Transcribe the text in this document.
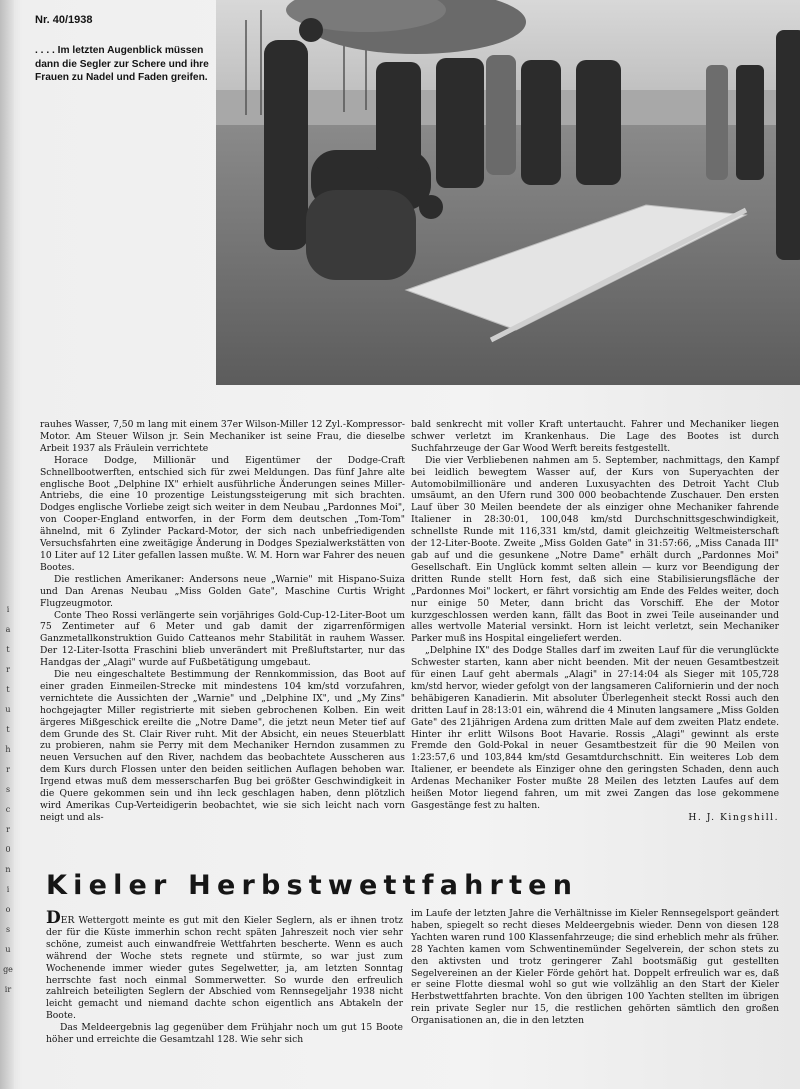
Nr. 40/1938
. . . . Im letzten Augenblick müssen dann die Segler zur Schere und ihre Frauen zu Nadel und Faden greifen.

rauhes Wasser, 7,50 m lang mit einem 37er Wilson-Miller 12 Zyl.-Kompressor-Motor. Am Steuer Wilson jr. Sein Mechaniker ist seine Frau, die dieselbe Arbeit 1937 als Fräulein verrichtete

Horace Dodge, Millionär und Eigentümer der Dodge-Craft Schnellbootwerften, entschied sich für zwei Meldungen. Das fünf Jahre alte englische Boot „Delphine IX" erhielt ausführliche Änderungen seines Miller-Antriebs, die eine 10 prozentige Leistungssteigerung mit sich brachten. Dodges englische Vorliebe zeigt sich weiter in dem Neubau „Pardonnes Moi", von Cooper-England entworfen, in der Form dem deutschen „Tom-Tom" ähnelnd, mit 6 Zylinder Packard-Motor, der sich nach unbefriedigenden Versuchsfahrten eine zweitägige Änderung in Dodges Spezialwerkstätten von 10 Liter auf 12 Liter gefallen lassen mußte. W. M. Horn war Fahrer des neuen Bootes.

Die restlichen Amerikaner: Andersons neue „Warnie" mit Hispano-Suiza und Dan Arenas Neubau „Miss Golden Gate", Maschine Curtis Wright Flugzeugmotor.

Conte Theo Rossi verlängerte sein vorjähriges Gold-Cup-12-Liter-Boot um 75 Zentimeter auf 6 Meter und gab damit der zigarrenförmigen Ganzmetallkonstruktion Guido Catteanos mehr Stabilität in rauhem Wasser. Der 12-Liter-Isotta Fraschini blieb unverändert mit Preßluftstarter, nur das Handgas der „Alagi" wurde auf Fußbetätigung umgebaut.

Die neu eingeschaltete Bestimmung der Rennkommission, das Boot auf einer graden Einmeilen-Strecke mit mindestens 104 km/std vorzufahren, vernichtete die Aussichten der „Warnie" und „Delphine IX", und „My Zins" hochgejagter Miller registrierte mit sieben gebrochenen Kolben. Ein weit ärgeres Mißgeschick ereilte die „Notre Dame", die jetzt neun Meter tief auf dem Grunde des St. Clair River ruht. Mit der Absicht, ein neues Steuerblatt zu probieren, nahm sie Perry mit dem Mechaniker Herndon zusammen zu neuen Versuchen auf den River, nachdem das beobachtete Ausscheren aus dem Kurs durch Flossen unter den beiden seitlichen Auflagen behoben war. Irgend etwas muß dem messerscharfen Bug bei größter Geschwindigkeit in die Quere gekommen sein und ihn leck geschlagen haben, denn plötzlich wird Amerikas Cup-Verteidigerin beobachtet, wie sie sich leicht nach vorn neigt und als-

bald senkrecht mit voller Kraft untertaucht. Fahrer und Mechaniker liegen schwer verletzt im Krankenhaus. Die Lage des Bootes ist durch Suchfahrzeuge der Gar Wood Werft bereits festgestellt.

Die vier Verbliebenen nahmen am 5. September, nachmittags, den Kampf bei leidlich bewegtem Wasser auf, der Kurs von Superyachten der Automobilmillionäre und anderen Luxusyachten des Detroit Yacht Club umsäumt, an den Ufern rund 300 000 beobachtende Zuschauer. Den ersten Lauf über 30 Meilen beendete der als einziger ohne Mechaniker fahrende Italiener in 28:30:01, 100,048 km/std Durchschnittsgeschwindigkeit, schnellste Runde mit 116,331 km/std, damit gleichzeitig Weltmeisterschaft der 12-Liter-Boote. Zweite „Miss Golden Gate" in 31:57:66, „Miss Canada III" gab auf und die gesunkene „Notre Dame" erhält durch „Pardonnes Moi" Gesellschaft. Ein Unglück kommt selten allein — kurz vor Beendigung der dritten Runde stellt Horn fest, daß sich eine Stabilisierungsfläche der „Pardonnes Moi" lockert, er fährt vorsichtig am Ende des Feldes weiter, doch nur einige 50 Meter, dann bricht das Vorschiff. Ehe der Motor kurzgeschlossen werden kann, fällt das Boot in zwei Teile auseinander und alles wertvolle Material versinkt. Horn ist leicht verletzt, sein Mechaniker Parker muß ins Hospital eingeliefert werden.

„Delphine IX" des Dodge Stalles darf im zweiten Lauf für die verunglückte Schwester starten, kann aber nicht beenden. Mit der neuen Gesamtbestzeit für einen Lauf geht abermals „Alagi" in 27:14:04 als Sieger mit 105,728 km/std hervor, wieder gefolgt von der langsameren Californierin und der noch behäbigeren Kanadierin. Mit absoluter Überlegenheit steckt Rossi auch den dritten Lauf in 28:13:01 ein, während die 4 Minuten langsamere „Miss Golden Gate" des 21jährigen Ardena zum dritten Male auf dem zweiten Platz endete. Hinter ihr erlitt Wilsons Boot Havarie. Rossis „Alagi" gewinnt als erste Fremde den Gold-Pokal in neuer Gesamtbestzeit für die 90 Meilen von 1:23:57,6 und 103,844 km/std Gesamtdurchschnitt. Ein weiteres Lob dem Italiener, er beendete als Einziger ohne den geringsten Schaden, denn auch Ardenas Mechaniker Foster mußte 28 Meilen des letzten Laufes auf dem heißen Motor liegend fahren, um mit zwei Zangen das lose gekommene Gasgestänge fest zu halten.

H. J. Kingshill.
Kieler Herbstwettfahrten

DER Wettergott meinte es gut mit den Kieler Seglern, als er ihnen trotz der für die Küste immerhin schon recht späten Jahreszeit noch vier sehr schöne, zumeist auch einwandfreie Wettfahrten bescherte. Wenn es auch während der Woche stets regnete und stürmte, so war just zum Wochenende immer wieder gutes Segelwetter, ja, am letzten Sonntag herrschte fast noch einmal Sommerwetter. So wurde den erfreulich zahlreich beteiligten Seglern der Abschied vom Rennsegeljahr 1938 nicht leicht gemacht und niemand dachte schon eigentlich ans Abtakeln der Boote.

Das Meldeergebnis lag gegenüber dem Frühjahr noch um gut 15 Boote höher und erreichte die Gesamtzahl 128. Wie sehr sich

im Laufe der letzten Jahre die Verhältnisse im Kieler Rennsegelsport geändert haben, spiegelt so recht dieses Meldeergebnis wieder. Denn von diesen 128 Yachten waren rund 100 Klassenfahrzeuge; die sind erheblich mehr als früher. 28 Yachten kamen vom Schwentinemünder Segelverein, der schon stets zu den aktivsten und trotz geringerer Zahl bootsmäßig gut gestellten Segelvereinen an der Kieler Förde gehört hat. Doppelt erfreulich war es, daß er seine Flotte diesmal wohl so gut wie vollzählig an den Start der Kieler Herbstwettfahrten brachte. Von den übrigen 100 Yachten stellten im übrigen rein private Segler nur 15, die restlichen gehörten sämtlich den großen Organisationen an, die in den letzten

i
a
t
r
t
u
t
h
r
s
c
r
0
n
i
o
s
u
ge
ir
